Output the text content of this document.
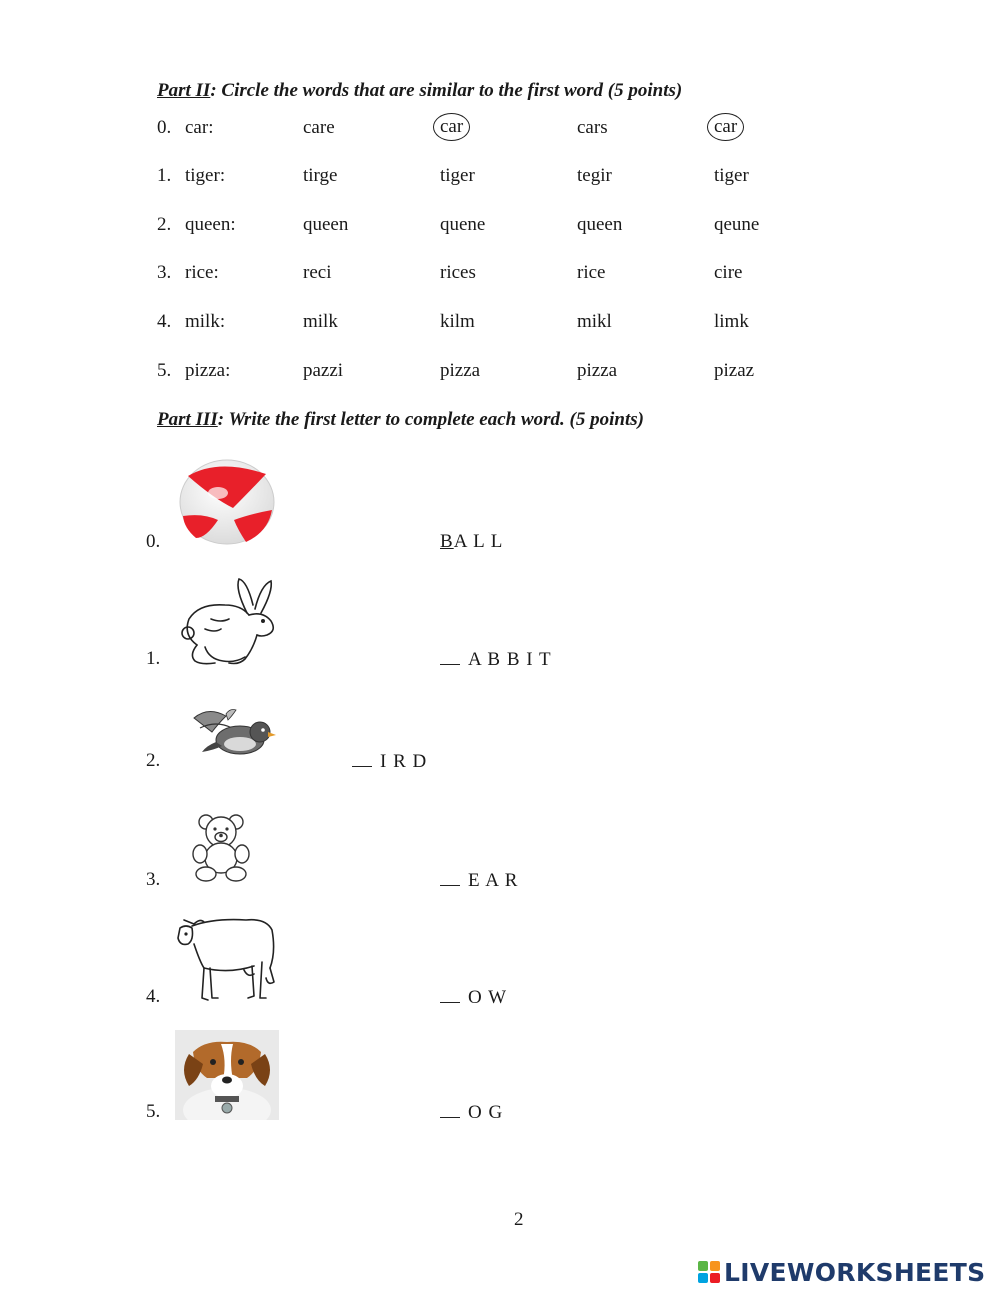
Part II: Circle the words that are similar to the first word (5 points)
0. car:	care	car	cars	car
1. tiger:	tirge	tiger	tegir	tiger
2. queen:	queen	quene	queen	qeune
3. rice:	reci	rices	rice	cire
4. milk:	milk	kilm	mikl	limk
5. pizza:	pazzi	pizza	pizza	pizaz
Part III: Write the first letter to complete each word. (5 points)
0.	BA L L
1.	A B B I T
2.	I R D
3.	E A R
4.	O W
5.	O G
2
LIVEWORKSHEETS
